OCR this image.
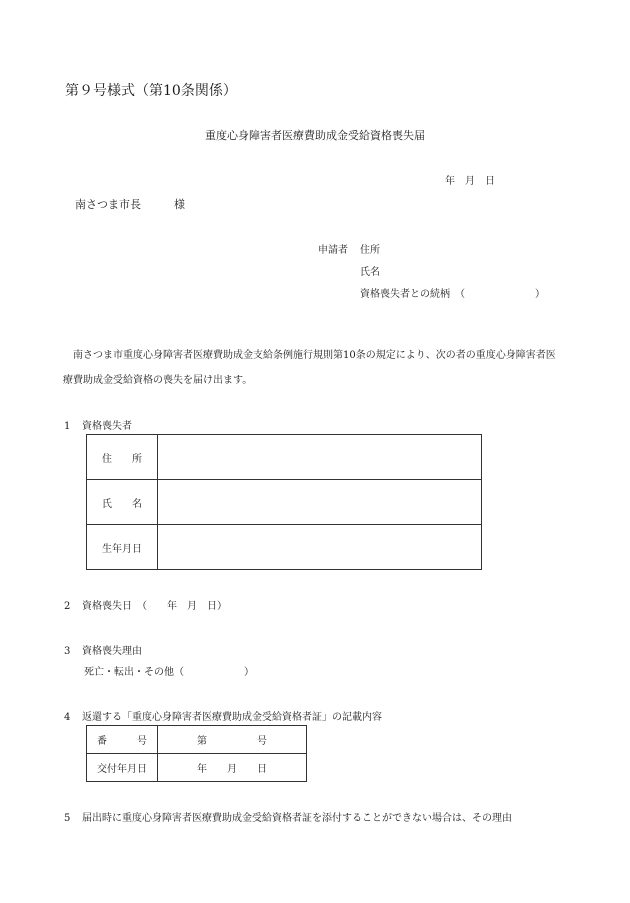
第９号様式（第10条関係）
重度心身障害者医療費助成金受給資格喪失届
年　月　日
南さつま市長　　　様
申請者 住所
氏名
資格喪失者との続柄　（　　　　　　　）
南さつま市重度心身障害者医療費助成金支給条例施行規則第10条の規定により、次の者の重度心身障害者医療費助成金受給資格の喪失を届け出ます。
1 資格喪失者
住　　所	
氏　　名	
生年月日	
2 資格喪失日　（　　年　月　日）
3 資格喪失理由
死亡・転出・その他（　　　　　　）
4 返還する「重度心身障害者医療費助成金受給資格者証」の記載内容
番　　　号	第　　　　　号
交付年月日	年　　月　　日
5 届出時に重度心身障害者医療費助成金受給資格者証を添付することができない場合は、その理由
